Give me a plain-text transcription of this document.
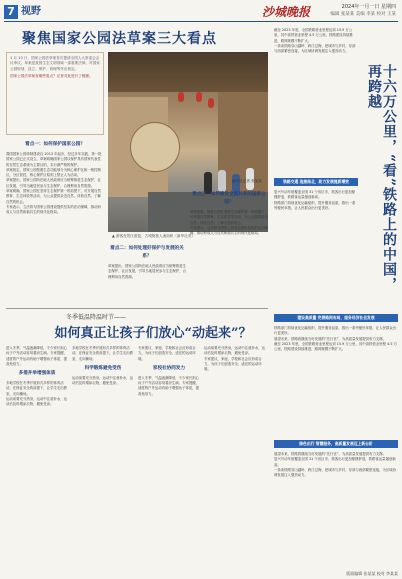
7 视野	沙城晚报	2024年一月一日 星期四
编辑 张某某 美编 李某 校对 王某
聚焦国家公园法草案三大看点
1 月 10 日，国家公园法草案首次提请全国人大常委会会议审议。草案是我国生态文明领域一部重要法律，对国家公园规划、设立、保护、管理等作出规定。
国家公园法草案有哪些看点？记者对此进行了梳理。
▲ 游客在景区游览，古城街巷人流如织（新华社发）
看点一：如何保护国家公园？

我国国家公园体制建设自 2013 年起步，经过多年实践，第一批国家公园已正式设立。草案明确国家公园以保护具有国家代表性的自然生态系统为主要目的，实行最严格的保护。

草案规定，国家公园按照生态功能划分为核心保护区和一般控制区，分区管控，核心保护区原则上禁止人为活动。

草案提出，国家公园所在地人民政府应当统筹推进生态保护、社区发展，引导当地居民参与生态保护，合理利用自然资源。

草案明确，国家公园在坚持生态保护第一的前提下，可开展自然教育、生态体验等活动，为公众提供亲近自然、体验自然、了解自然的机会。

专家表示，立法将为国家公园建设提供坚实的法治保障，推动形成人与自然和谐共生的现代化格局。

看点二：如何处理好保护与发展的关系？

草案提出，国家公园所在地人民政府应当统筹推进生态保护、社区发展，引导当地居民参与生态保护，合理利用自然资源。

看点三：如何建设全民共享的国家公园？

草案明确，国家公园在坚持生态保护第一的前提下，可开展自然教育、生态体验等活动，为公众提供亲近自然、体验自然、了解自然的机会。

专家表示，立法将为国家公园建设提供坚实的法治保障，推动形成人与自然和谐共生的现代化格局。

新华社记者 张某某
冬季低温降温时节——
如何真正让孩子们放心“动起来”？

进入冬季，气温逐渐降低，不少家长担心孩子户外活动容易着凉生病。专家提醒，适度的户外运动有助于增强孩子体质，提高免疫力。

多措并举增强体质

多地学校在冬季开展形式多样的体育活动，在保证安全的前提下，让学生走出教室、走向操场。

运动前要充分热身，运动中注意补水，运动后及时增添衣物，避免受凉。

多地学校在冬季开展形式多样的体育活动，在保证安全的前提下，让学生走出教室、走向操场。

科学锻炼避免受伤

运动前要充分热身，运动中注意补水，运动后及时增添衣物，避免受凉。

专家建议，家庭、学校和社会应形成合力，为孩子们创造安全、适宜的运动环境。

家校社协同发力

进入冬季，气温逐渐降低，不少家长担心孩子户外活动容易着凉生病。专家提醒，适度的户外运动有助于增强孩子体质，提高免疫力。

运动前要充分热身，运动中注意补水，运动后及时增添衣物，避免受凉。

专家建议，家庭、学校和社会应形成合力，为孩子们创造安全、适宜的运动环境。

截至 2023 年底，全国铁路营业里程达到 15.9 万公里，其中高铁营业里程 4.5 万公里。铁路建设持续推进，路网规模不断扩大。

一条条铁路穿山越岭、跨江过海，把城市与乡村、东部与西部紧密连接，为区域协调发展注入强劲动力。

十六万公里，“看”铁路上的中国，再跨越
铁路交通 连接南北，助力发展提质增效

复兴号动车组覆盖全国 31 个省区市，旅客出行更加便捷舒适，铁路客运量屡创新高。

铁路部门持续优化运输组织，提升服务品质，推出一系列便民举措，让人民群众出行更美好。

建设高质量 完善路网布局，服务经济社会发展

铁路部门持续优化运输组织，提升服务品质，推出一系列便民举措，让人民群众出行更美好。

展望未来，铁路将继续当好发展的“先行官”，为高质量发展提供有力支撑。

截至 2023 年底，全国铁路营业里程达到 15.9 万公里，其中高铁营业里程 4.5 万公里。铁路建设持续推进，路网规模不断扩大。

绿色出行 智慧服务，高质量发展迈上新台阶

展望未来，铁路将继续当好发展的“先行官”，为高质量发展提供有力支撑。

复兴号动车组覆盖全国 31 个省区市，旅客出行更加便捷舒适，铁路客运量屡创新高。

一条条铁路穿山越岭、跨江过海，把城市与乡村、东部与西部紧密连接，为区域协调发展注入强劲动力。

版面编辑 张某某 校对 李某某
